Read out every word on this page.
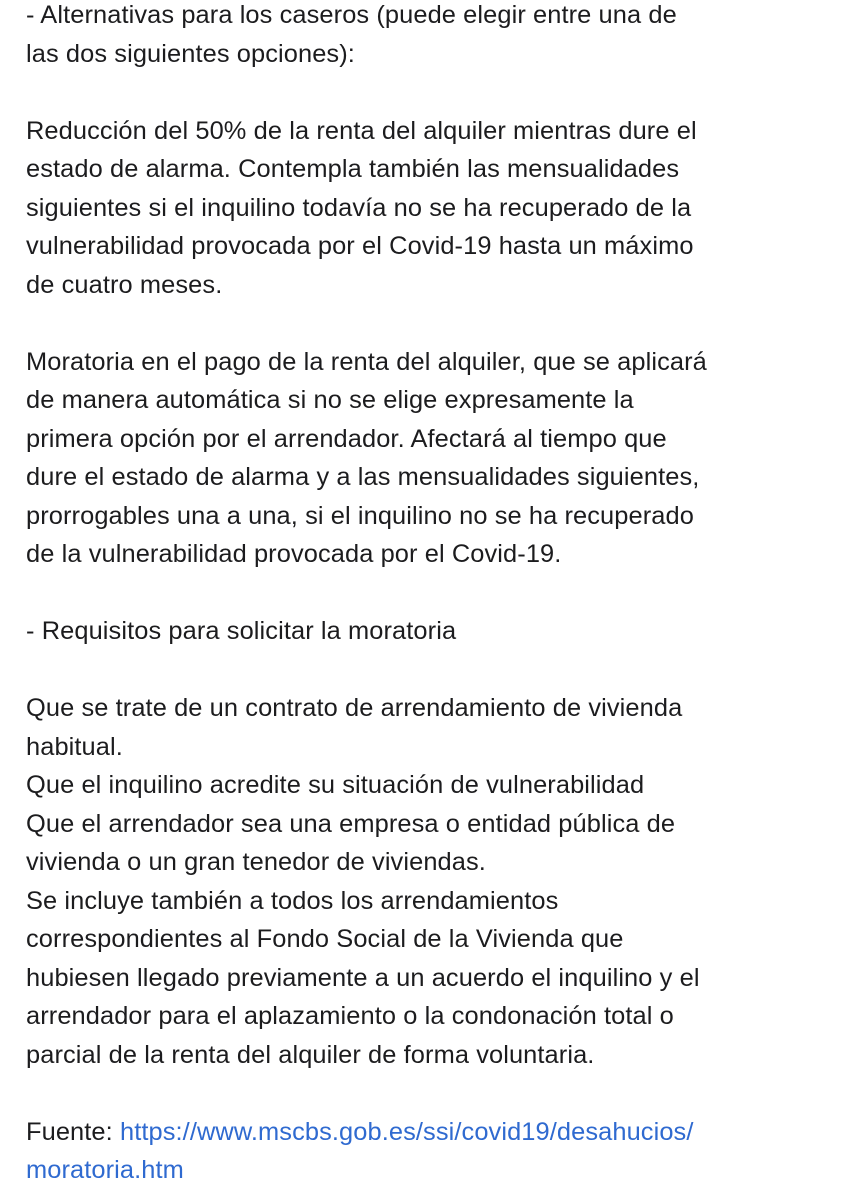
- Alternativas para los caseros (puede elegir entre una de
las dos siguientes opciones):
Reducción del 50% de la renta del alquiler mientras dure el
estado de alarma. Contempla también las mensualidades
siguientes si el inquilino todavía no se ha recuperado de la
vulnerabilidad provocada por el Covid-19 hasta un máximo
de cuatro meses.
Moratoria en el pago de la renta del alquiler, que se aplicará
de manera automática si no se elige expresamente la
primera opción por el arrendador. Afectará al tiempo que
dure el estado de alarma y a las mensualidades siguientes,
prorrogables una a una, si el inquilino no se ha recuperado
de la vulnerabilidad provocada por el Covid-19.
- Requisitos para solicitar la moratoria
Que se trate de un contrato de arrendamiento de vivienda
habitual.
Que el inquilino acredite su situación de vulnerabilidad
Que el arrendador sea una empresa o entidad pública de
vivienda o un gran tenedor de viviendas.
Se incluye también a todos los arrendamientos
correspondientes al Fondo Social de la Vivienda que
hubiesen llegado previamente a un acuerdo el inquilino y el
arrendador para el aplazamiento o la condonación total o
parcial de la renta del alquiler de forma voluntaria.
Fuente: https://www.mscbs.gob.es/ssi/covid19/desahucios/
moratoria.htm
